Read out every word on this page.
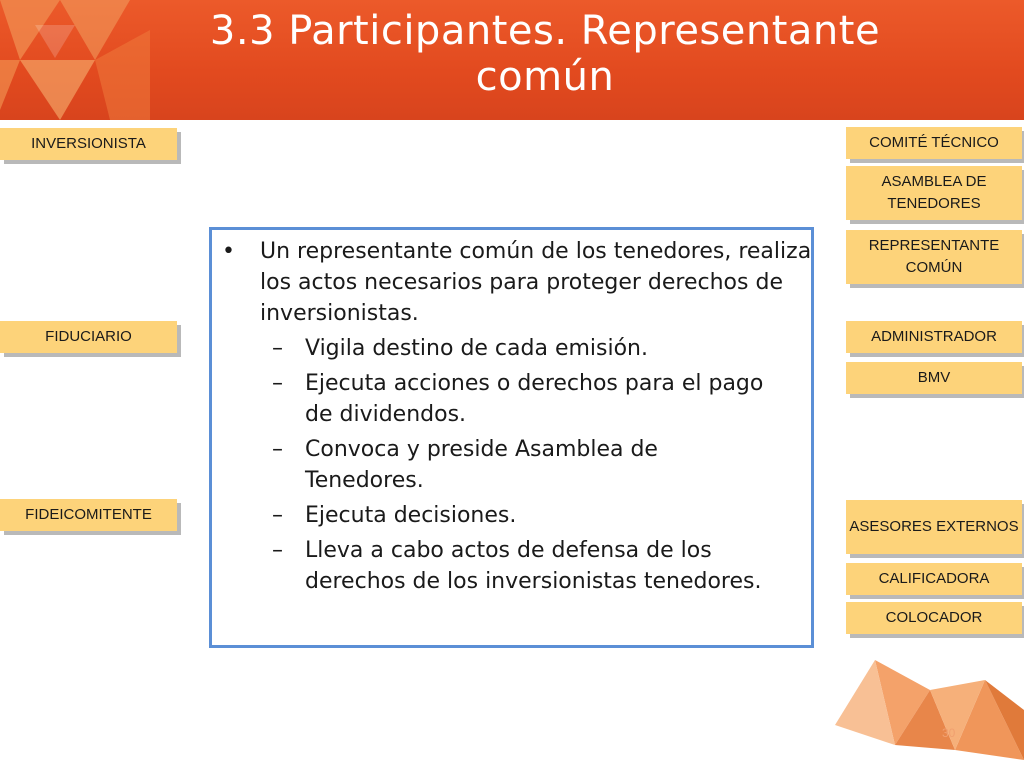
3.3 Participantes. Representante común
INVERSIONISTA
FIDUCIARIO
FIDEICOMITENTE
COMITÉ TÉCNICO
ASAMBLEA DE TENEDORES
REPRESENTANTE COMÚN
ADMINISTRADOR
BMV
ASESORES EXTERNOS
CALIFICADORA
COLOCADOR
• Un representante común de los tenedores, realiza los actos necesarios para proteger derechos de inversionistas.
– Vigila destino de cada emisión.
– Ejecuta acciones o derechos para el pago de dividendos.
– Convoca y preside Asamblea de Tenedores.
– Ejecuta decisiones.
– Lleva a cabo actos de defensa de los derechos de los inversionistas tenedores.
30
